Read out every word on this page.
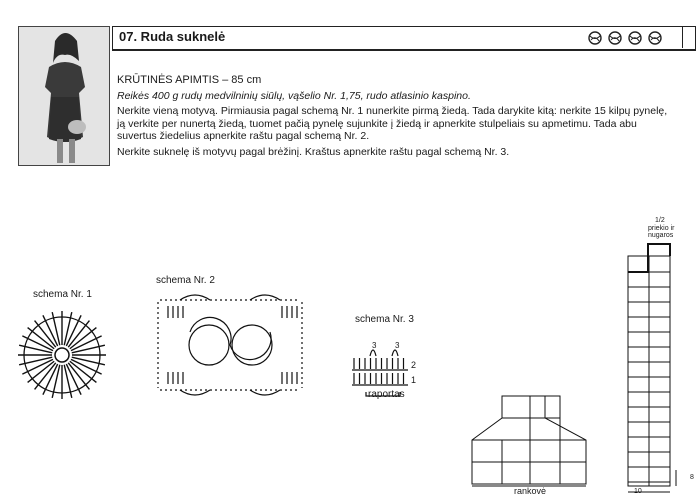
07. Ruda suknelė

KRŪTINĖS APIMTIS – 85 cm

Reikės 400 g rudų medvilninių siūlų, vąšelio Nr. 1,75, rudo atlasinio kaspino.

Nerkite vieną motyvą. Pirmiausia pagal schemą Nr. 1 nunerkite pirmą žiedą. Tada darykite kitą: nerkite 15 kilpų pynelę, ją verkite per nunertą žiedą, tuomet pačią pynelę sujunkite į žiedą ir apnerkite stulpeliais su apmetimu. Tada abu suvertus žiedelius apnerkite raštu pagal schemą Nr. 2.

Nerkite suknelę iš motyvų pagal brėžinį. Kraštus apnerkite raštu pagal schemą Nr. 3.

schema Nr. 1
schema Nr. 2
schema Nr. 3
3 3
2
1
raportas
rankovė
1/2
priekio ir
nugaros
10
8
